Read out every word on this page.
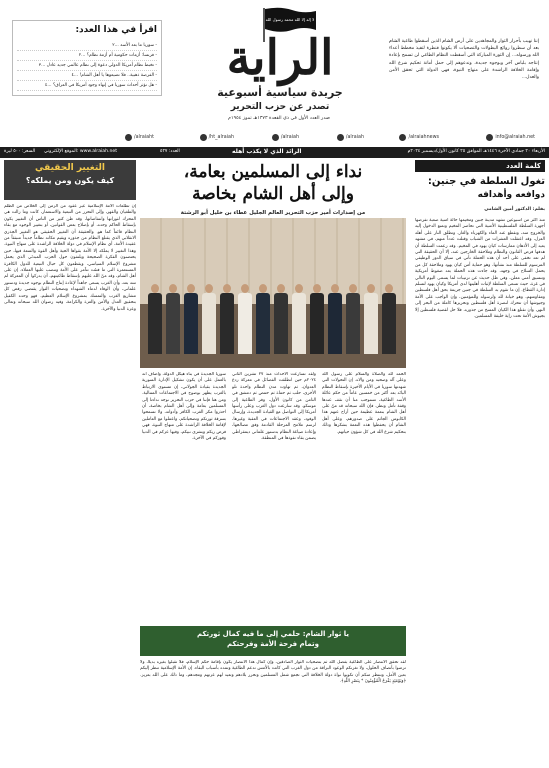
إننا نهيب بأحرار الثوار والمجاهدين على أرض الشام الذين أسقطوا طاغية الشام بعد أن سطروا روائع البطولات والتضحيات ألا يكونوا قنطرة لتفيذ مخطط أعداء الله ورسوله... إن الثورة المباركة التي أسقطت النظام الطاغي لن تسمح بإعادة إنتاجه بلباس آخر وبوجوه جديدة، وندعوهم إلى حمل أمانة تحكيم شرع الله وإقامة الخلافة الراشدة على منهاج النبوة، فهي الدولة التي تحقق الأمن والعدل...

لا إله إلا الله محمد رسول الله
الراية
جريدة سياسية أسبوعية
تصدر عن حزب التحرير
صدر العدد الأول في ذي القعدة ١٣٧٣هـ تموز ١٩٥٤م
اقرأ في هذا العدد:
- سوريا ما بعد الأسد ...٢
- فرنسا: أزمات حكومية أم أزمة نظام؟ ...٢
- تخبط نظام أمريكا الدولي دعوة إلى نظام عالمي جديد عادل ...٣
- الفرصة ذهبية.. فلا تضيعوها يا أهل الشام! ...٤
- هل تؤثر أحداث سوريا في إنهاء وجود أمريكا في العراق؟ ...٤
info@alraiah.net
/alraiahnews
/alraiah
/alraiah
/ht_alraiah
/alraiaht
الأربعاء ٢٠ جمادى الآخرة ١٤٤٦هـ الموافق ٢٥ كانون الأول/ديسمبر ٢٠٢٤م
الرائد الذي لا يكذب أهله
العدد: ٥٢٧
الموقع الإلكتروني: www.alraiah.net
السعر: ٥٠٠ ليرة
كلمة العدد
تغول السلطة في جنين:
دوافعه وأهدافه
بقلم: الدكتور أمين الشامي
منذ أكثر من أسبوعين تشهد مدينة جنين ومخيمها حالة أمنية صعبة تفرضها أجهزة السلطة الفلسطينية الأمنية التي تحاصر المخيم وتمنع الدخول إليه والخروج منه، وتقطع عنه الماء والكهرباء والغاز، وتطلق النار على أهله العزل، وقد اعتقلت العشرات من الشباب وقتلت عدداً منهم، في مشهد يعيد إلى الأذهان ممارسات كيان يهود في المخيم. وقد زعمت السلطة أن هدفها فرض القانون والنظام وملاحقة الخارجين عنه، إلا أن الحقيقة التي لم تعد تخفى على أحد أن هذه الحملة تأتي في سياق الدور الوظيفي المرسوم للسلطة منذ نشأتها، وهو حماية أمن كيان يهود وملاحقة كل من يحمل السلاح في وجهه، وقد جاءت هذه الحملة بعد ضغوط أمريكية وتنسيق أمني معلن، وفي ظل حديث عن ترتيبات لما يسمى اليوم التالي في غزة، حيث تسعى السلطة لإثبات أهليتها لدى أمريكا وكيان يهود لتسلم إدارة القطاع. إن ما تقوم به السلطة في جنين جريمة بحق أهل فلسطين ومقاومتهم، وهو خيانة لله ولرسوله وللمؤمنين، وإن الواجب على الأمة وجيوشها أن تتحرك لنصرة أهل فلسطين وتحريرها كاملة من البحر إلى النهر، وأن تقتلع هذا الكيان المسخ من جذوره، فلا حل لقضية فلسطين إلا بجيوش الأمة تحت راية خليفة المسلمين.
نداء إلى المسلمين بعامة،
وإلى أهل الشام بخاصة
من إصدارات أمير حزب التحرير العالم الجليل عطاء بن خليل أبو الرشتة
الحمد لله والصلاة والسلام على رسول الله وعلى آله وصحبه ومن والاه. إن التحولات التي شهدتها سوريا في الأيام الأخيرة بإسقاط النظام البائد بعد أكثر من خمسين عاماً من حكم عائلة الأسد الطاغية، تستوجب منا أن نقف عندها وقفة تأمل ونظر، فإن الله سبحانه قد منّ على أهل الشام بنعمة عظيمة حين أزاح عنهم هذا الكابوس الجاثم على صدورهم، وعلى أهل الشام أن يحفظوا هذه النعمة بشكرها وذلك بتحكيم شرع الله في كل شؤون حياتهم.
ولقد تسارعت الأحداث منذ ٢٧ تشرين الثاني ٢٠٢٤م حين انطلقت الفصائل في معركة ردع العدوان، ثم تهاوت مدن النظام واحدة تلو الأخرى، حلب ثم حماة ثم حمص ثم دمشق في الثامن من كانون الأول، وفر الطاغية إلى موسكو. وقد سارعت دول الغرب وعلى رأسها أمريكا إلى التواصل مع القيادة الجديدة، وإرسال الوفود، وعقد الاجتماعات في العقبة وغيرها، لرسم ملامح المرحلة القادمة وفق مصالحها، وإعادة صياغة النظام بدستور علماني ديمقراطي يضمن بقاء نفوذها في المنطقة.
سوريا الجديدة في بناء هيكل الدولة، وأضاف أنه بالعمل على أن يكون تشكيل الإدارة السورية الجديدة بقيادة الجولاني، إن مستوى الارتباط بالغرب يظهر بوضوح في الاجتماعات المتتالية. ومن هنا فإننا في حزب التحرير نوجه نداءنا إلى المسلمين بعامة وإلى أهل الشام بخاصة، أن احذروا مكر الغرب الكافر وأدواته، ولا تسمحوا بسرقة ثورتكم وتضحياتكم، واعملوا مع العاملين لإقامة الخلافة الراشدة على منهاج النبوة، فهي فرض ربكم وبشرى نبيكم، وفيها عزكم في الدنيا وفوزكم في الآخرة.
يا ثوار الشام: حلمي إلى ما فيه كمال ثورتكم
وتمام فرحة الأمة وفرحتكم
لقد تحقق الانتصار على الطاغية بفضل الله ثم بتضحيات الثوار الصادقين، وإن كمال هذا الانتصار يكون بإقامة حكم الإسلام، فلا تقبلوا بغيره بديلاً، ولا ترضوا بأنصاف الحلول، ولا تغرنكم الوعود البراقة من دول الغرب التي كانت بالأمس تدعم الطاغية وتمده بأسباب البقاء. إن الأمة الإسلامية تنظر إليكم بعين الأمل، وتنتظر منكم أن تكونوا نواة دولة الخلافة التي تجمع شمل المسلمين وتحرر بلادهم وتعيد لهم عزتهم ومجدهم، وما ذلك على الله بعزيز. ﴿وَيَوْمَئِذٍ يَفْرَحُ الْمُؤْمِنُونَ * بِنَصْرِ اللَّهِ﴾.
التغيير الحقيقي
كيف يكون ومن يملكه؟
إن تطلعات الأمة الإسلامية عبر عقود من الزمن إلى الخلاص من الظلم والطغيان والقهر، وإلى التحرر من التبعية والاستعمار، كانت وما زالت هي المحرك لثوراتها وانتفاضاتها، وقد ظن كثير من الناس أن التغيير يكون بإسقاط الحاكم وحده، أو بإصلاح بعض القوانين، أو بتغيير الوجوه مع بقاء النظام قائماً كما هو. والحقيقة أن التغيير الحقيقي هو التغيير الجذري الانقلابي الذي يقتلع النظام من جذوره ويقيم مكانه نظاماً جديداً منبثقاً من عقيدة الأمة، أي نظام الإسلام في دولة الخلافة الراشدة على منهاج النبوة. وهذا التغيير لا يملكه إلا الأمة بقواها الحية وأهل القوة والمنعة فيها، حين يحتضنون الفكرة الصحيحة ويلتفون حول الحزب المبدئي الذي يحمل مشروع الإسلام السياسي، ويقطعون كل حبال التبعية للدول الكافرة المستعمرة التي ما فتئت تتآمر على الأمة وتنصب عليها العملاء. إن على أهل الشام، وقد منّ الله عليهم بإسقاط طاغيتهم، أن يدركوا أن المعركة لم تنته بعد، وأن الغرب يسعى جاهداً لإعادة إنتاج النظام بوجوه جديدة ودستور علماني، وأن الوفاء لدماء الشهداء وتضحيات الثوار يقتضي رفض كل مشاريع الغرب والتمسك بمشروع الإسلام العظيم، فهو وحده الكفيل بتحقيق العدل والأمن والعزة والكرامة، وفيه رضوان الله سبحانه وتعالى وعزة الدنيا والآخرة.
